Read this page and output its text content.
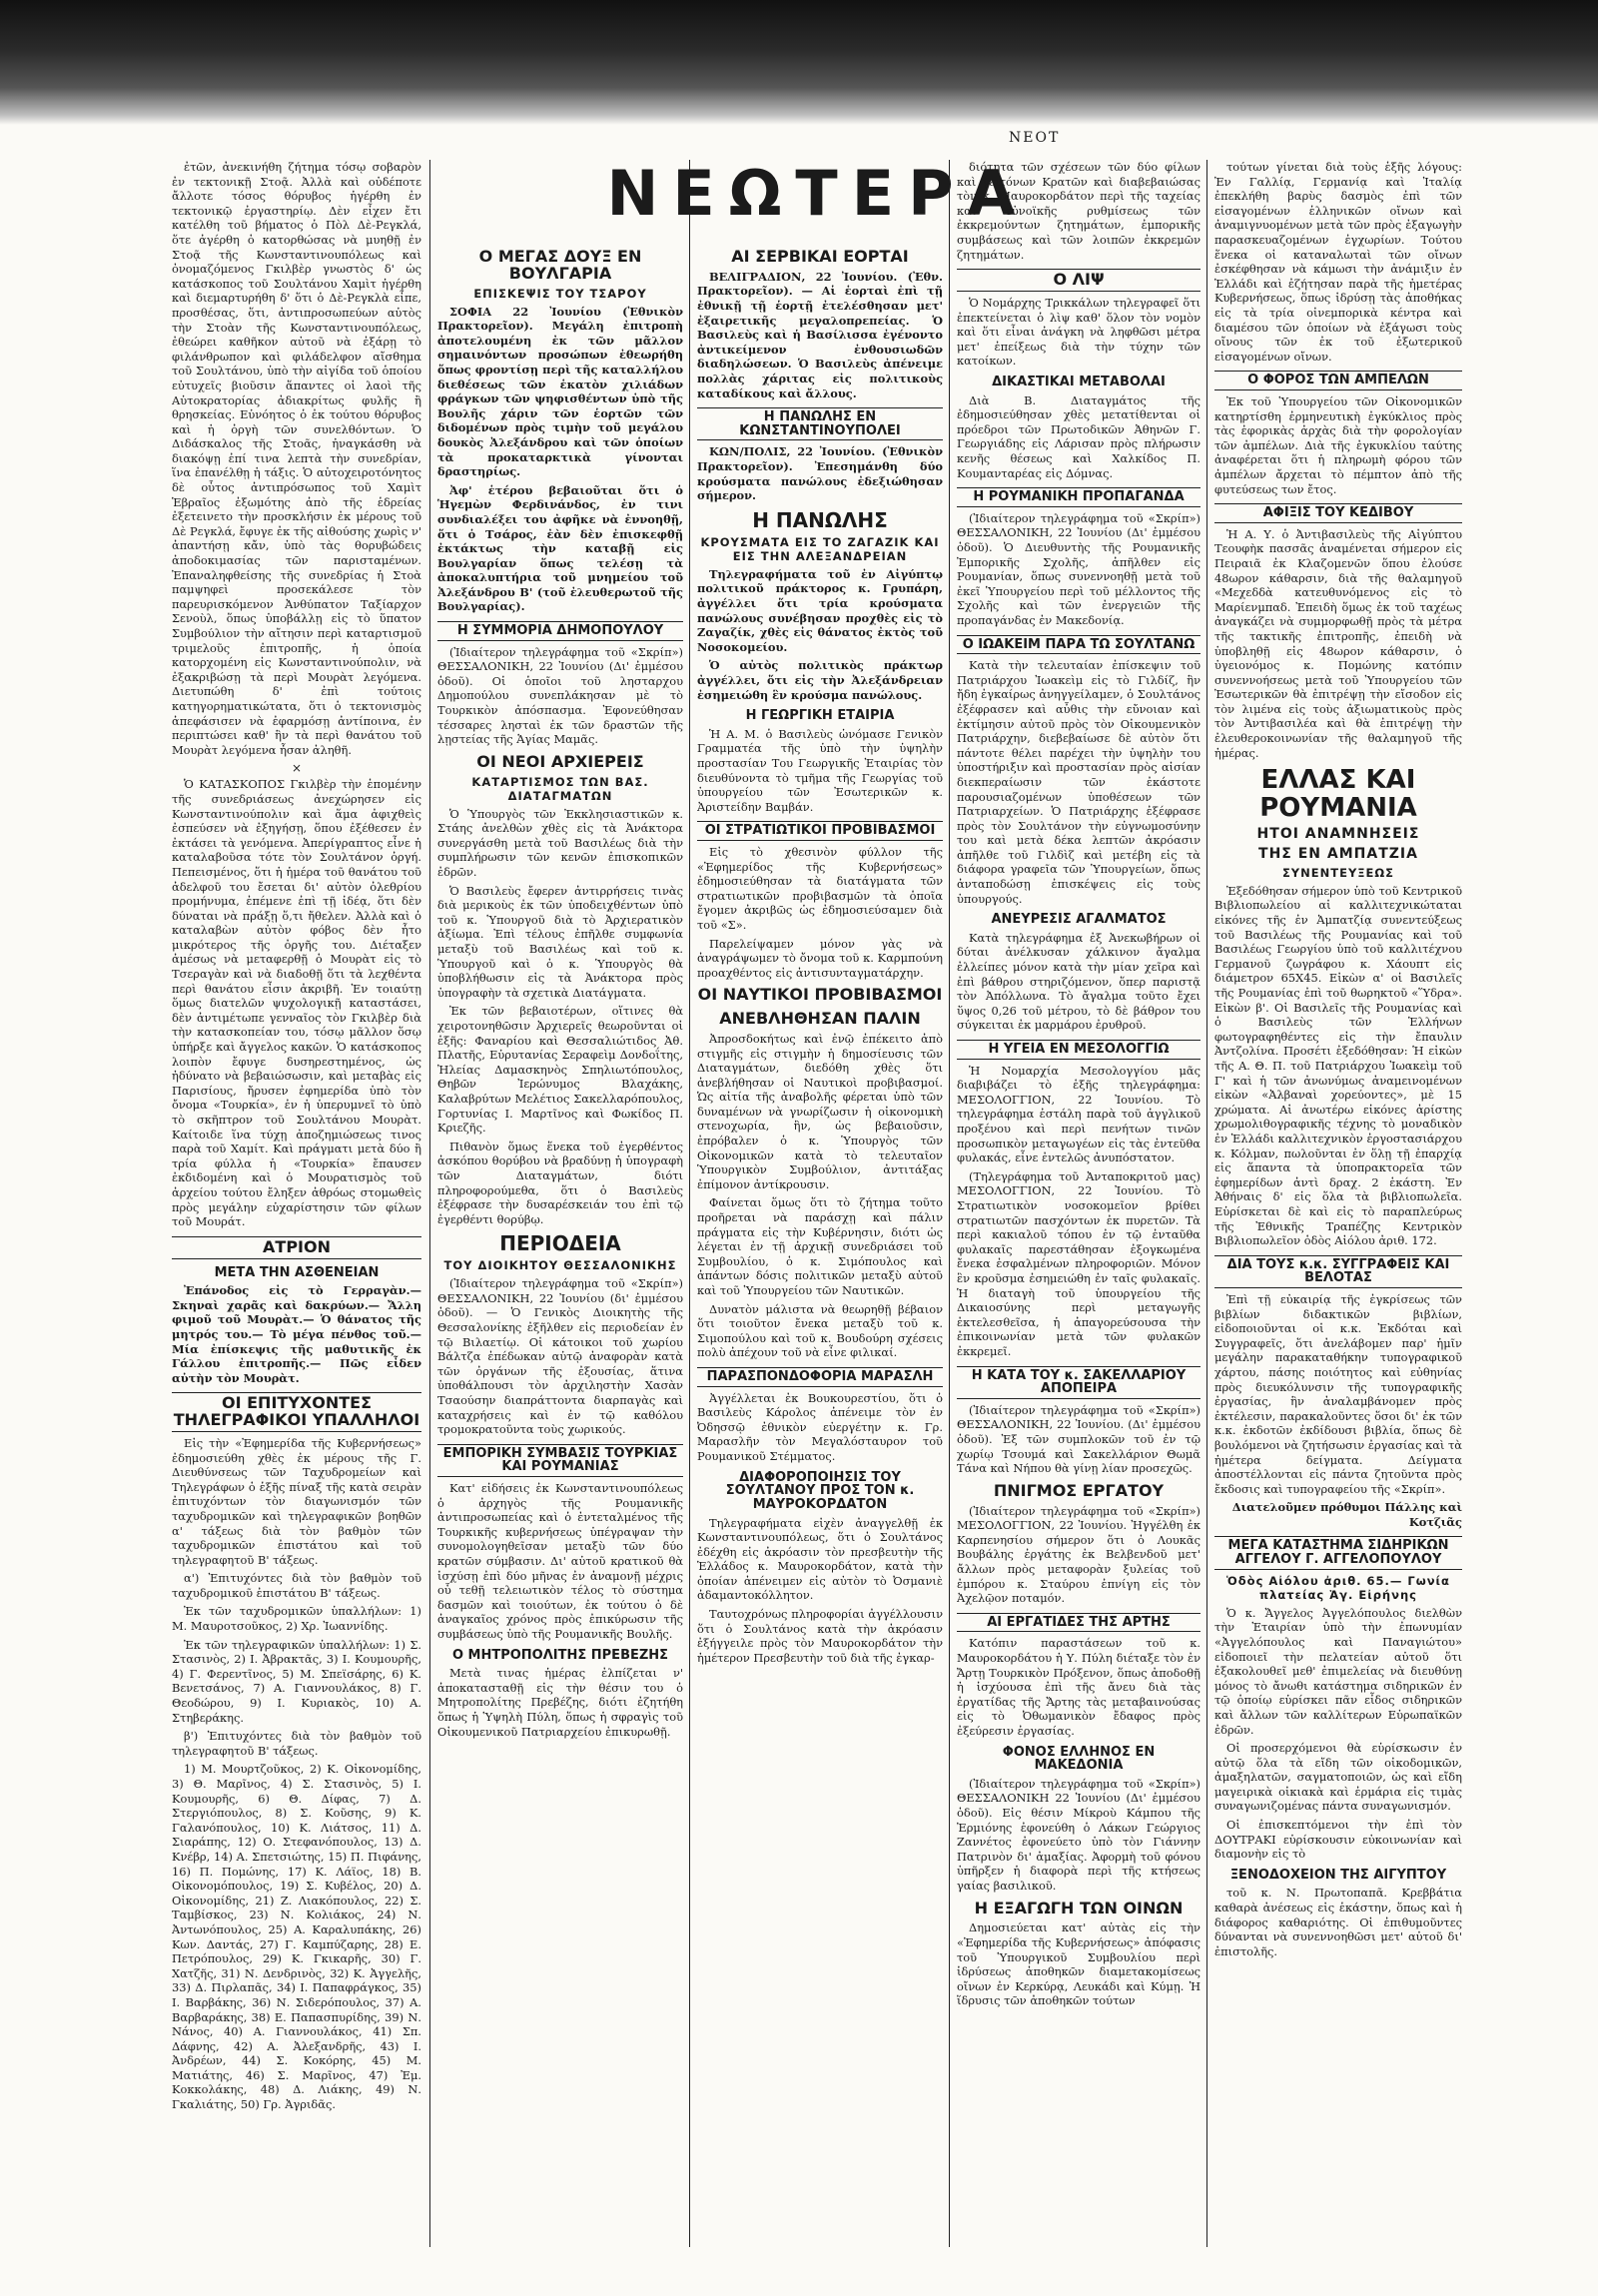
ΝΕΟΤ
ΝΕΩΤΕΡΑ

ἐτῶν, ἀνεκινήθη ζήτημα τόσῳ σοβαρὸν ἐν τεκτονικῇ Στοᾷ. Ἀλλὰ καὶ οὐδέποτε ἄλλοτε τόσος θόρυβος ἠγέρθη ἐν τεκτονικῷ ἐργαστηρίῳ. Δὲν εἶχεν ἔτι κατέλθη τοῦ βήματος ὁ Πὸλ Δὲ-Ρεγκλά, ὅτε ἀγέρθη ὁ κατορθώσας νὰ μυηθῇ ἐν Στοᾷ τῆς Κωνσταντινουπόλεως καὶ ὀνομαζόμενος Γκιλβὲρ γνωστὸς δ' ὡς κατάσκοπος τοῦ Σουλτάνου Χαμὶτ ἠγέρθη καὶ διεμαρτυρήθη δ' ὅτι ὁ Δὲ-Ρεγκλὰ εἶπε, προσθέσας, ὅτι, ἀντιπροσωπεύων αὐτὸς τὴν Στοὰν τῆς Κωνσταντινουπόλεως, ἐθεώρει καθῆκον αὐτοῦ νὰ ἐξάρῃ τὸ φιλάνθρωπον καὶ φιλάδελφον αἴσθημα τοῦ Σουλτάνου, ὑπὸ τὴν αἰγίδα τοῦ ὁποίου εὐτυχεῖς βιοῦσιν ἅπαντες οἱ λαοὶ τῆς Αὐτοκρατορίας ἀδιακρίτως φυλῆς ἢ θρησκείας. Εὐνόητος ὁ ἐκ τούτου θόρυβος καὶ ἡ ὀργὴ τῶν συνελθόντων. Ὁ Διδάσκαλος τῆς Στοᾶς, ἠναγκάσθη νὰ διακόψῃ ἐπί τινα λεπτὰ τὴν συνεδρίαν, ἵνα ἐπανέλθῃ ἡ τάξις. Ὁ αὐτοχειροτόνητος δὲ οὗτος ἀντιπρόσωπος τοῦ Χαμὶτ Ἑβραῖος ἐξωμότης ἀπὸ τῆς ἑδρείας ἐξετεινετο τὴν προσκλήσιν ἐκ μέρους τοῦ Δὲ Ρεγκλά, ἔφυγε ἐκ τῆς αἰθούσης χωρὶς ν' ἀπαντήσῃ κἄν, ὑπὸ τὰς θορυβώδεις ἀποδοκιμασίας τῶν παρισταμένων. Ἐπαναληφθείσης τῆς συνεδρίας ἡ Στοὰ παμψηφεὶ προσεκάλεσε τὸν παρευρισκόμενον Ἀνθύπατον Ταξίαρχον Σενοὺλ, ὅπως ὑποβάλλῃ εἰς τὸ ὕπατον Συμβούλιον τὴν αἴτησιν περὶ καταρτισμοῦ τριμελοῦς ἐπιτροπῆς, ἡ ὁποία κατορχομένη εἰς Κωνσταντινούπολιν, νὰ ἐξακριβώσῃ τὰ περὶ Μουρὰτ λεγόμενα. Διετυπώθη δ' ἐπὶ τούτοις κατηγορηματικώτατα, ὅτι ὁ τεκτονισμὸς ἀπεφάσισεν νὰ ἐφαρμόσῃ ἀντίποινα, ἐν περιπτώσει καθ' ἣν τὰ περὶ θανάτου τοῦ Μουρὰτ λεγόμενα ἦσαν ἀληθῆ.

×

Ὁ ΚΑΤΑΣΚΟΠΟΣ Γκιλβὲρ τὴν ἑπομένην τῆς συνεδριάσεως ἀνεχώρησεν εἰς Κωνσταντινούπολιν καὶ ἅμα ἀφιχθεὶς ἐσπεύσεν νὰ ἐξηγήσῃ, ὅπου ἐξέθεσεν ἐν ἐκτάσει τὰ γενόμενα. Ἀπερίγραπτος εἶνε ἡ καταλαβοῦσα τότε τὸν Σουλτάνον ὀργή. Πεπεισμένος, ὅτι ἡ ἡμέρα τοῦ θανάτου τοῦ ἀδελφοῦ του ἔσεται δι' αὐτὸν ὀλεθρίου προμήνυμα, ἐπέμενε ἐπὶ τῇ ἰδέᾳ, ὅτι δὲν δύναται νὰ πράξῃ ὅ,τι ἤθελεν. Ἀλλὰ καὶ ὁ καταλαβὼν αὐτὸν φόβος δὲν ἦτο μικρότερος τῆς ὀργῆς του. Διέταξεν ἀμέσως νὰ μεταφερθῇ ὁ Μουρὰτ εἰς τὸ Τσεραγὰν καὶ νὰ διαδοθῇ ὅτι τὰ λεχθέντα περὶ θανάτου εἶσιν ἀκριβῆ. Ἐν τοιαύτῃ ὅμως διατελῶν ψυχολογικῇ καταστάσει, δὲν ἀντιμέτωπε γενναῖος τὸν Γκιλβὲρ διὰ τὴν κατασκοπείαν του, τόσῳ μᾶλλον ὅσῳ ὑπήρξε καὶ ἄγγελος κακῶν. Ὁ κατάσκοπος λοιπὸν ἔφυγε δυσηρεστημένος, ὡς ἠδύνατο νὰ βεβαιώσωσιν, καὶ μεταβὰς εἰς Παρισίους, ἤρυσεν ἐφημερίδα ὑπὸ τὸν ὄνομα «Τουρκία», ἐν ἡ ὑπερυμνεῖ τὸ ὑπὸ τὸ σκῆπτρον τοῦ Σουλτάνου Μουρὰτ. Καίτοιδε ἵνα τύχῃ ἀποζημιώσεως τινος παρὰ τοῦ Χαμίτ. Καὶ πράγματι μετὰ δύο ἢ τρία φύλλα ἡ «Τουρκία» ἔπαυσεν ἐκδιδομένη καὶ ὁ Μουρατισμὸς τοῦ ἀρχείου τούτου ἔληξεν ἀθρόως στομωθεὶς πρὸς μεγάλην εὐχαρίστησιν τῶν φίλων τοῦ Μουράτ.

ΑΤΡΙΟΝ
ΜΕΤΑ ΤΗΝ ΑΣΘΕΝΕΙΑΝ

Ἐπάνοδος εἰς τὸ Γερραγὰν.— Σκηναὶ χαρᾶς καὶ δακρύων.— Ἄλλη φιμοῦ τοῦ Μουρὰτ.— Ὁ θάνατος τῆς μητρός του.— Τὸ μέγα πένθος τοῦ.— Μία ἐπίσκεψις τῆς μαθυτικῆς ἐκ Γάλλου ἐπιτροπῆς.— Πῶς εἶδεν αὐτὴν τὸν Μουρὰτ.

ΟΙ ΕΠΙΤΥΧΟΝΤΕΣ ΤΗΛΕΓΡΑΦΙΚΟΙ ΥΠΑΛΛΗΛΟΙ

Εἰς τὴν «Ἐφημερίδα τῆς Κυβερνήσεως» ἐδημοσιεύθη χθὲς ἐκ μέρους τῆς Γ. Διευθύνσεως τῶν Ταχυδρομείων καὶ Τηλεγράφων ὁ ἑξῆς πίναξ τῆς κατὰ σειρὰν ἐπιτυχόντων τὸν διαγωνισμόν τῶν ταχυδρομικῶν καὶ τηλεγραφικῶν βοηθῶν α' τάξεως διὰ τὸν βαθμὸν τῶν ταχυδρομικῶν ἐπιστάτου καὶ τοῦ τηλεγραφητοῦ Β' τάξεως.

α') Ἐπιτυχόντες διὰ τὸν βαθμὸν τοῦ ταχυδρομικοῦ ἐπιστάτου Β' τάξεως.

Ἐκ τῶν ταχυδρομικῶν ὑπαλλήλων: 1) Μ. Μαυροτσοῦκος, 2) Χρ. Ἰωαννίδης.

Ἐκ τῶν τηλεγραφικῶν ὑπαλλήλων: 1) Σ. Στασινὸς, 2) Ι. Ἀβρακτᾶς, 3) Ι. Κουμουρῆς, 4) Γ. Φερεντῖνος, 5) Μ. Σπεϊσάρης, 6) Κ. Βενετσάνος, 7) Α. Γιαννουλάκος, 8) Γ. Θεοδώρου, 9) Ι. Κυριακὸς, 10) Α. Στηβεράκης.

β') Ἐπιτυχόντες διὰ τὸν βαθμὸν τοῦ τηλεγραφητοῦ Β' τάξεως.

1) Μ. Μουρτζοῦκος, 2) Κ. Οἰκονομίδης, 3) Θ. Μαρῖνος, 4) Σ. Στασινὸς, 5) Ι. Κουμουρῆς, 6) Θ. Δίφας, 7) Δ. Στεργιόπουλος, 8) Σ. Κοῦσης, 9) Κ. Γαλανόπουλος, 10) Κ. Λιάτσος, 11) Δ. Σιαράπης, 12) Ο. Στεφανόπουλος, 13) Δ. Κνέβρ, 14) Α. Σπετσιώτης, 15) Π. Πιφάνης, 16) Π. Πομώνης, 17) Κ. Λάϊος, 18) Β. Οἰκονομόπουλος, 19) Σ. Κυβέλος, 20) Δ. Οἰκονομίδης, 21) Ζ. Λιακόπουλος, 22) Σ. Ταμβίσκος, 23) Ν. Κολιάκος, 24) Ν. Ἀντωνόπουλος, 25) Α. Καραλυπάκης, 26) Κων. Δαντάς, 27) Γ. Καμπύζαρης, 28) Ε. Πετρόπουλος, 29) Κ. Γκικαρῆς, 30) Γ. Χατζῆς, 31) Ν. Δενδρινὸς, 32) Κ. Ἀγγελῆς, 33) Δ. Πιρλαπᾶς, 34) Ι. Παπαφράγκος, 35) Ι. Βαρβάκης, 36) Ν. Σιδερόπουλος, 37) Α. Βαρβαράκης, 38) Ε. Παπασπυρίδης, 39) Ν. Νάνος, 40) Α. Γιαννουλάκος, 41) Σπ. Δάφνης, 42) Α. Ἀλεξανδρῆς, 43) Ι. Ἀνδρέων, 44) Σ. Κοκόρης, 45) Μ. Ματιάτης, 46) Σ. Μαρῖνος, 47) Ἐμ. Κοκκολάκης, 48) Δ. Λιάκης, 49) Ν. Γκαλιάτης, 50) Γρ. Ἀγριδᾶς.

Ο ΜΕΓΑΣ ΔΟΥΞ ΕΝ ΒΟΥΛΓΑΡΙΑ
ΕΠΙΣΚΕΨΙΣ ΤΟΥ ΤΣΑΡΟΥ

ΣΟΦΙΑ 22 Ἰουνίου (Ἐθνικὸν Πρακτορεῖον). Μεγάλη ἐπιτροπὴ ἀποτελουμένη ἐκ τῶν μᾶλλον σημαινόντων προσώπων ἐθεωρήθη ὅπως φροντίσῃ περὶ τῆς καταλλήλου διεθέσεως τῶν ἑκατὸν χιλιάδων φράγκων τῶν ψηφισθέντων ὑπὸ τῆς Βουλῆς χάριν τῶν ἑορτῶν τῶν διδομένων πρὸς τιμὴν τοῦ μεγάλου δουκὸς Ἀλεξάνδρου καὶ τῶν ὁποίων τὰ προκαταρκτικὰ γίνονται δραστηρίως.

Ἀφ' ἑτέρου βεβαιοῦται ὅτι ὁ Ἡγεμὼν Φερδινάνδος, ἐν τινι συνδιαλέξει του ἀφῆκε νὰ ἐννοηθῇ, ὅτι ὁ Τσάρος, ἐὰν δὲν ἐπισκεφθῇ ἐκτάκτως τὴν καταβῇ εἰς Βουλγαρίαν ὅπως τελέσῃ τὰ ἀποκαλυπτήρια τοῦ μνημείου τοῦ Ἀλεξάνδρου Β' (τοῦ ἐλευθερωτοῦ τῆς Βουλγαρίας).

Η ΣΥΜΜΟΡΙΑ ΔΗΜΟΠΟΥΛΟΥ

(Ἰδιαίτερον τηλεγράφημα τοῦ «Σκρίπ») ΘΕΣΣΑΛΟΝΙΚΗ, 22 Ἰουνίου (Δι' ἐμμέσου ὁδοῦ). Οἱ ὁποῖοι τοῦ λησταρχου Δημοπούλου συνεπλάκησαν μὲ τὸ Τουρκικὸν ἀπόσπασμα. Ἐφονεύθησαν τέσσαρες λησταὶ ἐκ τῶν δραστῶν τῆς λῃστείας τῆς Ἁγίας Μαμᾶς.

ΟΙ ΝΕΟΙ ΑΡΧΙΕΡΕΙΣ
ΚΑΤΑΡΤΙΣΜΟΣ ΤΩΝ ΒΑΣ. ΔΙΑΤΑΓΜΑΤΩΝ

Ὁ Ὑπουργὸς τῶν Ἐκκλησιαστικῶν κ. Στάης ἀνελθὼν χθὲς εἰς τὰ Ἀνάκτορα συνεργάσθη μετὰ τοῦ Βασιλέως διὰ τὴν συμπλήρωσιν τῶν κενῶν ἐπισκοπικῶν ἐδρῶν.

Ὁ Βασιλεὺς ἔφερεν ἀντιρρήσεις τινὰς διὰ μερικοὺς ἐκ τῶν ὑποδειχθέντων ὑπὸ τοῦ κ. Ὑπουργοῦ διὰ τὸ Ἀρχιερατικὸν ἀξίωμα. Ἐπὶ τέλους ἐπῆλθε συμφωνία μεταξὺ τοῦ Βασιλέως καὶ τοῦ κ. Ὑπουργοῦ καὶ ὁ κ. Ὑπουργὸς θὰ ὑποβλήθωσιν εἰς τὰ Ἀνάκτορα πρὸς ὑπογραφὴν τὰ σχετικὰ Διατάγματα.

Ἐκ τῶν βεβαιοτέρων, οἵτινες θὰ χειροτονηθῶσιν Ἀρχιερεῖς θεωροῦνται οἱ ἑξῆς: Φαναρίου καὶ Θεσσαλιώτιδος Ἀθ. Πλατῆς, Εὐρυτανίας Σεραφεὶμ Δονδοΐτης, Ἠλείας Δαμασκηνὸς Σπηλιωτόπουλος, Θηβῶν Ἰερώνυμος Βλαχάκης, Καλαβρύτων Μελέτιος Σακελλαρόπουλος, Γορτυνίας Ι. Μαρτῖνος καὶ Φωκίδος Π. Κριεζῆς.

Πιθανὸν ὅμως ἕνεκα τοῦ ἐγερθέντος ἀσκόπου θορύβου νὰ βραδύνῃ ἡ ὑπογραφὴ τῶν Διαταγμάτων, διότι πληροφορούμεθα, ὅτι ὁ Βασιλεὺς ἐξέφρασε τὴν δυσαρέσκειάν του ἐπὶ τῷ ἐγερθέντι θορύβῳ.

ΠΕΡΙΟΔΕΙΑ
ΤΟΥ ΔΙΟΙΚΗΤΟΥ ΘΕΣΣΑΛΟΝΙΚΗΣ

(Ἰδιαίτερον τηλεγράφημα τοῦ «Σκρίπ») ΘΕΣΣΑΛΟΝΙΚΗ, 22 Ἰουνίου (δι' ἐμμέσου ὁδοῦ). — Ὁ Γενικὸς Διοικητὴς τῆς Θεσσαλονίκης ἐξῆλθεν εἰς περιοδείαν ἐν τῷ Βιλαετίῳ. Οἱ κάτοικοι τοῦ χωρίου Βάλτζα ἐπέδωκαν αὐτῷ ἀναφορὰν κατὰ τῶν ὀργάνων τῆς ἐξουσίας, ἅτινα ὑποθάλπουσι τὸν ἀρχιληστὴν Χασὰν Τσαούσην διαπράττοντα διαρπαγὰς καὶ καταχρήσεις καὶ ἐν τῷ καθόλου τρομοκρατοῦντα τοὺς χωρικούς.

ΕΜΠΟΡΙΚΗ ΣΥΜΒΑΣΙΣ ΤΟΥΡΚΙΑΣ ΚΑΙ ΡΟΥΜΑΝΙΑΣ

Κατ' εἰδήσεις ἐκ Κωνσταντινουπόλεως ὁ ἀρχηγὸς τῆς Ρουμανικῆς ἀντιπροσωπείας καὶ ὁ ἐντεταλμένος τῆς Τουρκικῆς κυβερνήσεως ὑπέγραψαν τὴν συνομολογηθεῖσαν μεταξὺ τῶν δύο κρατῶν σύμβασιν. Δι' αὐτοῦ κρατικοῦ θὰ ἰσχύσῃ ἐπὶ δύο μῆνας ἐν ἀναμονῇ μέχρις οὗ τεθῇ τελειωτικὸν τέλος τὸ σύστημα δασμῶν καὶ τοιούτων, ἐκ τούτου ὁ δὲ ἀναγκαῖος χρόνος πρὸς ἐπικύρωσιν τῆς συμβάσεως ὑπὸ τῆς Ρουμανικῆς Βουλῆς.

Ο ΜΗΤΡΟΠΟΛΙΤΗΣ ΠΡΕΒΕΖΗΣ

Μετὰ τινας ἡμέρας ἐλπίζεται ν' ἀποκατασταθῇ εἰς τὴν θέσιν του ὁ Μητροπολίτης Πρεβέζης, διότι ἐζητήθη ὅπως ἡ Ὑψηλὴ Πύλη, ὅπως ἡ σφραγὶς τοῦ Οἰκουμενικοῦ Πατριαρχείου ἐπικυρωθῇ.

ΑΙ ΣΕΡΒΙΚΑΙ ΕΟΡΤΑΙ

ΒΕΛΙΓΡΑΔΙΟΝ, 22 Ἰουνίου. (Ἐθν. Πρακτορεῖον). — Αἱ ἑορταὶ ἐπὶ τῇ ἐθνικῇ τῇ ἑορτῇ ἐτελέσθησαν μετ' ἐξαιρετικῆς μεγαλοπρεπείας. Ὁ Βασιλεὺς καὶ ἡ Βασίλισσα ἐγένοντο ἀντικείμενον ἐνθουσιωδῶν διαδηλώσεων. Ὁ Βασιλεὺς ἀπένειμε πολλὰς χάριτας εἰς πολιτικοὺς καταδίκους καὶ ἄλλους.

Η ΠΑΝΩΛΗΣ ΕΝ ΚΩΝΣΤΑΝΤΙΝΟΥΠΟΛΕΙ

ΚΩΝ/ΠΟΛΙΣ, 22 Ἰουνίου. (Ἐθνικὸν Πρακτορεῖον). Ἐπεσημάνθη δύο κρούσματα πανώλους ἐδεξιώθησαν σήμερον.

Η ΠΑΝΩΛΗΣ
ΚΡΟΥΣΜΑΤΑ ΕΙΣ ΤΟ ΖΑΓΑΖΙΚ ΚΑΙ ΕΙΣ ΤΗΝ ΑΛΕΞΑΝΔΡΕΙΑΝ

Τηλεγραφήματα τοῦ ἐν Αἰγύπτῳ πολιτικοῦ πράκτορος κ. Γρυπάρη, ἀγγέλλει ὅτι τρία κρούσματα πανώλους συνέβησαν προχθὲς εἰς τὸ Ζαγαζίκ, χθὲς εἰς θάνατος ἐκτὸς τοῦ Νοσοκομείου.

Ὁ αὐτὸς πολιτικὸς πράκτωρ ἀγγέλλει, ὅτι εἰς τὴν Ἀλεξάνδρειαν ἐσημειώθη ἓν κρούσμα πανώλους.

Η ΓΕΩΡΓΙΚΗ ΕΤΑΙΡΙΑ

Ἡ Α. Μ. ὁ Βασιλεὺς ὡνόμασε Γενικὸν Γραμματέα τῆς ὑπὸ τὴν ὑψηλὴν προστασίαν Του Γεωργικῆς Ἑταιρίας τὸν διευθύνοντα τὸ τμῆμα τῆς Γεωργίας τοῦ ὑπουργείου τῶν Ἐσωτερικῶν κ. Ἀριστείδην Βαμβάν.

ΟΙ ΣΤΡΑΤΙΩΤΙΚΟΙ ΠΡΟΒΙΒΑΣΜΟΙ

Εἰς τὸ χθεσινὸν φύλλον τῆς «Ἐφημερίδος τῆς Κυβερνήσεως» ἐδημοσιεύθησαν τὰ διατάγματα τῶν στρατιωτικῶν προβιβασμῶν τὰ ὁποῖα ἔγομεν ἀκριβῶς ὡς ἐδημοσιεύσαμεν διὰ τοῦ «Σ».

Παρελείψαμεν μόνον γὰς νὰ ἀναγράψωμεν τὸ ὄνομα τοῦ κ. Καρμπούνη προαχθέντος εἰς ἀντισυνταγματάρχην.

ΟΙ ΝΑΥΤΙΚΟΙ ΠΡΟΒΙΒΑΣΜΟΙ
ΑΝΕΒΛΗΘΗΣΑΝ ΠΑΛΙΝ

Ἀπροσδοκήτως καὶ ἐνῷ ἐπέκειτο ἀπὸ στιγμῆς εἰς στιγμὴν ἡ δημοσίευσις τῶν Διαταγμάτων, διεδόθη χθὲς ὅτι ἀνεβλήθησαν οἱ Ναυτικοὶ προβιβασμοί. Ὡς αἰτία τῆς ἀναβολῆς φέρεται ὑπὸ τῶν δυναμένων νὰ γνωρίζωσιν ἡ οἰκονομικὴ στενοχωρία, ἣν, ὡς βεβαιοῦσιν, ἐπρόβαλεν ὁ κ. Ὑπουργὸς τῶν Οἰκονομικῶν κατὰ τὸ τελευταῖον Ὑπουργικὸν Συμβούλιον, ἀντιτάξας ἐπίμονον ἀντίκρουσιν.

Φαίνεται ὅμως ὅτι τὸ ζήτημα τοῦτο προῆρεται νὰ παράσχῃ καὶ πάλιν πράγματα εἰς τὴν Κυβέρνησιν, διότι ὡς λέγεται ἐν τῇ ἀρχικῇ συνεδριάσει τοῦ Συμβουλίου, ὁ κ. Σιμόπουλος καὶ ἀπάντων δόσις πολιτικῶν μεταξὺ αὐτοῦ καὶ τοῦ Ὑπουργείου τῶν Ναυτικῶν.

Δυνατὸν μάλιστα νὰ θεωρηθῇ βέβαιον ὅτι τοιοῦτον ἔνεκα μεταξὺ τοῦ κ. Σιμοπούλου καὶ τοῦ κ. Βουδούρη σχέσεις πολὺ ἀπέχουν τοῦ νὰ εἶνε φιλικαί.

ΠΑΡΑΣΠΟΝΔΟΦΟΡΙΑ ΜΑΡΑΣΛΗ

Ἀγγέλλεται ἐκ Βουκουρεστίου, ὅτι ὁ Βασιλεὺς Κάρολος ἀπένειμε τὸν ἐν Ὀδησσῷ ἐθνικὸν εὐεργέτην κ. Γρ. Μαρασλῆν τὸν Μεγαλόσταυρον τοῦ Ρουμανικοῦ Στέμματος.

ΔΙΑΦΟΡΟΠΟΙΗΣΙΣ ΤΟΥ ΣΟΥΛΤΑΝΟΥ ΠΡΟΣ ΤΟΝ κ. ΜΑΥΡΟΚΟΡΔΑΤΟΝ

Τηλεγραφήματα εἰχὲν ἀναγγελθῇ ἐκ Κωνσταντινουπόλεως, ὅτι ὁ Σουλτάνος ἐδέχθη εἰς ἀκρόασιν τὸν πρεσβευτὴν τῆς Ἑλλάδος κ. Μαυροκορδάτον, κατὰ τὴν ὁποίαν ἀπένειμεν εἰς αὐτὸν τὸ Ὀσμανιὲ ἀδαμαντοκόλλητον.

Ταυτοχρόνως πληροφορίαι ἀγγέλλουσιν ὅτι ὁ Σουλτάνος κατὰ τὴν ἀκρόασιν ἐξήγγειλε πρὸς τὸν Μαυροκορδάτον τὴν ἡμέτερον Πρεσβευτὴν τοῦ διὰ τῆς ἐγκαρ-

διότητα τῶν σχέσεων τῶν δύο φίλων καὶ γειτόνων Κρατῶν καὶ διαβεβαιώσας τὸν κ. Μαυροκορδάτον περὶ τῆς ταχείας καὶ εὐνοϊκῆς ρυθμίσεως τῶν ἐκκρεμούντων ζητημάτων, ἐμπορικῆς συμβάσεως καὶ τῶν λοιπῶν ἐκκρεμῶν ζητημάτων.

Ο ΛΙΨ

Ὁ Νομάρχης Τρικκάλων τηλεγραφεῖ ὅτι ἐπεκτείνεται ὁ λὶψ καθ' ὅλον τὸν νομὸν καὶ ὅτι εἶναι ἀνάγκη νὰ ληφθῶσι μέτρα μετ' ἐπείξεως διὰ τὴν τύχην τῶν κατοίκων.

ΔΙΚΑΣΤΙΚΑΙ ΜΕΤΑΒΟΛΑΙ

Διὰ Β. Διαταγμάτος τῆς ἐδημοσιεύθησαν χθὲς μετατίθενται οἱ πρόεδροι τῶν Πρωτοδικῶν Ἀθηνῶν Γ. Γεωργιάδης εἰς Λάρισαν πρὸς πλήρωσιν κενῆς θέσεως καὶ Χαλκίδος Π. Κουμανταρέας εἰς Δόμνας.

Η ΡΟΥΜΑΝΙΚΗ ΠΡΟΠΑΓΑΝΔΑ

(Ἰδιαίτερον τηλεγράφημα τοῦ «Σκρίπ») ΘΕΣΣΑΛΟΝΙΚΗ, 22 Ἰουνίου (Δι' ἐμμέσου ὁδοῦ). Ὁ Διευθυντὴς τῆς Ρουμανικῆς Ἐμπορικῆς Σχολῆς, ἀπῆλθεν εἰς Ρουμανίαν, ὅπως συνεννοηθῇ μετὰ τοῦ ἐκεῖ Ὑπουργείου περὶ τοῦ μέλλοντος τῆς Σχολῆς καὶ τῶν ἐνεργειῶν τῆς προπαγάνδας ἐν Μακεδονίᾳ.

Ο ΙΩΑΚΕΙΜ ΠΑΡΑ ΤΩ ΣΟΥΛΤΑΝΩ

Κατὰ τὴν τελευταίαν ἐπίσκεψιν τοῦ Πατριάρχου Ἰωακεὶμ εἰς τὸ Γιλδίζ, ἣν ἤδη ἐγκαίρως ἀνηγγείλαμεν, ὁ Σουλτάνος ἐξέφρασεν καὶ αὖθις τὴν εὔνοιαν καὶ ἐκτίμησιν αὐτοῦ πρὸς τὸν Οἰκουμενικὸν Πατριάρχην, διεβεβαίωσε δὲ αὐτὸν ὅτι πάντοτε θέλει παρέχει τὴν ὑψηλὴν του ὑποστήριξιν καὶ προστασίαν πρὸς αἰσίαν διεκπεραίωσιν τῶν ἐκάστοτε παρουσιαζομένων ὑποθέσεων τῶν Πατριαρχείων. Ὁ Πατριάρχης ἐξέφρασε πρὸς τὸν Σουλτάνον τὴν εὐγνωμοσύνην του καὶ μετὰ δέκα λεπτῶν ἀκρόασιν ἀπῆλθε τοῦ Γιλδὶζ καὶ μετέβη εἰς τὰ διάφορα γραφεῖα τῶν Ὑπουργείων, ὅπως ἀνταποδώσῃ ἐπισκέψεις εἰς τοὺς ὑπουργούς.

ΑΝΕΥΡΕΣΙΣ ΑΓΑΛΜΑΤΟΣ

Κατὰ τηλεγράφημα ἐξ Ἀνεκωβήρων οἱ δύται ἀνέλκυσαν χάλκινον ἄγαλμα ἐλλείπες μόνον κατὰ τὴν μίαν χεῖρα καὶ ἐπὶ βάθρου στηριζόμενον, ὅπερ παριστᾷ τὸν Ἀπόλλωνα. Τὸ ἄγαλμα τοῦτο ἔχει ὕψος 0,26 τοῦ μέτρου, τὸ δὲ βάθρον του σύγκειται ἐκ μαρμάρου ἐρυθροῦ.

Η ΥΓΕΙΑ ΕΝ ΜΕΣΟΛΟΓΓΙΩ

Ἡ Νομαρχία Μεσολογγίου μᾶς διαβιβάζει τὸ ἑξῆς τηλεγράφημα: ΜΕΣΟΛΟΓΓΙΟΝ, 22 Ἰουνίου. Τὸ τηλεγράφημα ἐστάλη παρὰ τοῦ ἀγγλικοῦ προξένου καὶ περὶ πενήτων τινῶν προσωπικὸν μεταγωγέων εἰς τὰς ἐντεῦθα φυλακάς, εἶνε ἐντελῶς ἀνυπόστατον.

(Τηλεγράφημα τοῦ Ἀνταποκριτοῦ μας) ΜΕΣΟΛΟΓΓΙΟΝ, 22 Ἰουνίου. Τὸ Στρατιωτικὸν νοσοκομεῖον βρίθει στρατιωτῶν πασχόντων ἐκ πυρετῶν. Τὰ περὶ κακιαλοῦ τόπου ἐν τῷ ἐνταῦθα φυλακαῖς παρεστάθησαν ἐξογκωμένα ἔνεκα ἐσφαλμένων πληροφοριῶν. Μόνον ἓν κροῦσμα ἐσημειώθη ἐν ταῖς φυλακαῖς. Ἡ διαταγὴ τοῦ ὑπουργείου τῆς Δικαιοσύνης περὶ μεταγωγῆς ἐκτελεσθεῖσα, ἡ ἀπαγορεύσουσα τὴν ἐπικοινωνίαν μετὰ τῶν φυλακῶν ἐκκρεμεῖ.

Η ΚΑΤΑ ΤΟΥ κ. ΣΑΚΕΛΛΑΡΙΟΥ ΑΠΟΠΕΙΡΑ

(Ἰδιαίτερον τηλεγράφημα τοῦ «Σκρίπ») ΘΕΣΣΑΛΟΝΙΚΗ, 22 Ἰουνίου. (Δι' ἐμμέσου ὁδοῦ). Ἐξ τῶν συμπλοκῶν τοῦ ἐν τῷ χωρίῳ Τσουμά καὶ Σακελλάριον Θωμᾶ Τάνα καὶ Νήπου θὰ γίνῃ λίαν προσεχῶς.

ΠΝΙΓΜΟΣ ΕΡΓΑΤΟΥ

(Ἰδιαίτερον τηλεγράφημα τοῦ «Σκρίπ») ΜΕΣΟΛΟΓΓΙΟΝ, 22 Ἰουνίου. Ἠγγέλθη ἐκ Καρπενησίου σήμερον ὅτι ὁ Λουκᾶς Βουβάλης ἐργάτης ἐκ Βελβενδοῦ μετ' ἄλλων πρὸς μεταφορὰν ξυλείας τοῦ ἐμπόρου κ. Σταύρου ἐπνίγη εἰς τὸν Ἀχελῷον ποταμόν.

ΑΙ ΕΡΓΑΤΙΔΕΣ ΤΗΣ ΑΡΤΗΣ

Κατόπιν παραστάσεων τοῦ κ. Μαυροκορδάτου ἡ Υ. Πύλη διέταξε τὸν ἐν Ἄρτῃ Τουρκικὸν Πρόξενον, ὅπως ἀποδοθῇ ἡ ἰσχύουσα ἐπὶ τῆς ἄνευ διὰ τὰς ἐργατίδας τῆς Ἄρτης τὰς μεταβαινούσας εἰς τὸ Ὀθωμανικὸν ἔδαφος πρὸς ἐξεύρεσιν ἐργασίας.

ΦΟΝΟΣ ΕΛΛΗΝΟΣ ΕΝ ΜΑΚΕΔΟΝΙΑ

(Ἰδιαίτερον τηλεγράφημα τοῦ «Σκρίπ») ΘΕΣΣΑΛΟΝΙΚΗ 22 Ἰουνίου (Δι' ἐμμέσου ὁδοῦ). Εἰς θέσιν Μίκροὺ Κάμπου τῆς Ἐρμιόνης ἐφονεύθη ὁ Λάκων Γεώργιος Ζαννέτος ἐφονεύετο ὑπὸ τὸν Γιάννην Πατρινὸν δι' ἀμαξίας. Ἀφορμὴ τοῦ φόνου ὑπῆρξεν ἡ διαφορὰ περὶ τῆς κτήσεως γαίας βασιλικοῦ.

Η ΕΞΑΓΩΓΗ ΤΩΝ ΟΙΝΩΝ

Δημοσιεύεται κατ' αὐτὰς εἰς τὴν «Ἐφημερίδα τῆς Κυβερνήσεως» ἀπόφασις τοῦ Ὑπουργικοῦ Συμβουλίου περὶ ἱδρύσεως ἀποθηκῶν διαμετακομίσεως οἴνων ἐν Κερκύρᾳ, Λευκάδι καὶ Κύμῃ. Ἡ ἵδρυσις τῶν ἀποθηκῶν τούτων

τούτων γίνεται διὰ τοὺς ἑξῆς λόγους: Ἐν Γαλλίᾳ, Γερμανίᾳ καὶ Ἰταλίᾳ ἐπεκλήθη βαρὺς δασμὸς ἐπὶ τῶν εἰσαγομένων ἑλληνικῶν οἴνων καὶ ἀναμιγνυομένων μετὰ τῶν πρὸς ἐξαγωγὴν παρασκευαζομένων ἐγχωρίων. Τούτου ἕνεκα οἱ καταναλωταὶ τῶν οἴνων ἐσκέφθησαν νὰ κάμωσι τὴν ἀνάμιξιν ἐν Ἑλλάδι καὶ ἐζήτησαν παρὰ τῆς ἡμετέρας Κυβερνήσεως, ὅπως ἱδρύσῃ τὰς ἀποθήκας εἰς τὰ τρία οἰνεμπορικὰ κέντρα καὶ διαμέσου τῶν ὁποίων νὰ ἐξάγωσι τοὺς οἴνους τῶν ἐκ τοῦ ἐξωτερικοῦ εἰσαγομένων οἴνων.

Ο ΦΟΡΟΣ ΤΩΝ ΑΜΠΕΛΩΝ

Ἐκ τοῦ Ὑπουργείου τῶν Οἰκονομικῶν κατηρτίσθη ἐρμηνευτικὴ ἐγκύκλιος πρὸς τὰς ἐφορικὰς ἀρχὰς διὰ τὴν φορολογίαν τῶν ἀμπέλων. Διὰ τῆς ἐγκυκλίου ταύτης ἀναφέρεται ὅτι ἡ πληρωμὴ φόρου τῶν ἀμπέλων ἄρχεται τὸ πέμπτον ἀπὸ τῆς φυτεύσεως των ἔτος.

ΑΦΙΞΙΣ ΤΟΥ ΚΕΔΙΒΟΥ

Ἡ Α. Υ. ὁ Ἀντιβασιλεὺς τῆς Αἰγύπτου Τεουφὴκ πασσᾶς ἀναμένεται σήμερον εἰς Πειραιᾶ ἐκ Κλαζομενῶν ὅπου ἐλούσε 48ωρον κάθαρσιν, διὰ τῆς θαλαμηγοῦ «Μεχεδδὰ κατευθυνόμενος εἰς τὸ Μαρίενμπαδ. Ἐπειδὴ ὅμως ἐκ τοῦ ταχέως ἀναγκάζει νὰ συμμορφωθῇ πρὸς τὰ μέτρα τῆς τακτικῆς ἐπιτροπῆς, ἐπειδὴ νὰ ὑποβληθῇ εἰς 48ωρον κάθαρσιν, ὁ ὑγειονόμος κ. Πομώνης κατόπιν συνεννοήσεως μετὰ τοῦ Ὑπουργείου τῶν Ἐσωτερικῶν θὰ ἐπιτρέψῃ τὴν εἴσοδον εἰς τὸν λιμένα εἰς τοὺς ἀξιωματικοὺς πρὸς τὸν Ἀντιβασιλέα καὶ θὰ ἐπιτρέψῃ τὴν ἐλευθεροκοινωνίαν τῆς θαλαμηγοῦ τῆς ἡμέρας.

ΕΛΛΑΣ ΚΑΙ ΡΟΥΜΑΝΙΑ
ΗΤΟΙ ΑΝΑΜΝΗΣΕΙΣ
ΤΗΣ ΕΝ ΑΜΠΑΤΖΙΑ
ΣΥΝΕΝΤΕΥΞΕΩΣ

Ἐξεδόθησαν σήμερον ὑπὸ τοῦ Κεντρικοῦ Βιβλιοπωλείου αἱ καλλιτεχνικώταται εἰκόνες τῆς ἐν Ἀμπατζίᾳ συνεντεύξεως τοῦ Βασιλέως τῆς Ρουμανίας καὶ τοῦ Βασιλέως Γεωργίου ὑπὸ τοῦ καλλιτέχνου Γερμανοῦ ζωγράφου κ. Χάουπτ εἰς διάμετρον 65Χ45. Εἰκὼν α' οἱ Βασιλεῖς τῆς Ρουμανίας ἐπὶ τοῦ θωρηκτοῦ «Ὕδρα». Εἰκὼν β'. Οἱ Βασιλεῖς τῆς Ρουμανίας καὶ ὁ Βασιλεὺς τῶν Ἑλλήνων φωτογραφηθέντες εἰς τὴν ἔπαυλιν Ἀντζολίνα. Προσέτι ἐξεδόθησαν: Ἡ εἰκὼν τῆς Α. Θ. Π. τοῦ Πατριάρχου Ἰωακεὶμ τοῦ Γ' καὶ ἡ τῶν ἀνωνύμως ἀναμεινομένων εἰκὼν «Ἀλβαναὶ χορεύοντες», μὲ 15 χρώματα. Αἱ ἀνωτέρω εἰκόνες ἀρίστης χρωμολιθογραφικῆς τέχνης τὸ μοναδικὸν ἐν Ἑλλάδι καλλιτεχνικὸν ἐργοστασιάρχου κ. Κόλμαν, πωλοῦνται ἐν ὅλῃ τῇ ἐπαρχίᾳ εἰς ἅπαντα τὰ ὑποπρακτορεῖα τῶν ἐφημερίδων ἀντὶ δραχ. 2 ἑκάστη. Ἐν Ἀθήναις δ' εἰς ὅλα τὰ βιβλιοπωλεῖα. Εὑρίσκεται δὲ καὶ εἰς τὸ παραπλεύρως τῆς Ἐθνικῆς Τραπέζης Κεντρικὸν Βιβλιοπωλεῖον ὁδὸς Αἰόλου ἀριθ. 172.

ΔΙΑ ΤΟΥΣ κ.κ. ΣΥΓΓΡΑΦΕΙΣ ΚΑΙ ΒΕΛΟΤΑΣ

Ἐπὶ τῇ εὐκαιρίᾳ τῆς ἐγκρίσεως τῶν βιβλίων διδακτικῶν βιβλίων, εἰδοποιοῦνται οἱ κ.κ. Ἐκδόται καὶ Συγγραφεῖς, ὅτι ἀνελάβομεν παρ' ἡμῖν μεγάλην παρακαταθήκην τυπογραφικοῦ χάρτου, πάσης ποιότητος καὶ εὐθηνίας πρὸς διευκόλυνσιν τῆς τυπογραφικῆς ἐργασίας, ἣν ἀναλαμβάνομεν πρὸς ἐκτέλεσιν, παρακαλοῦντες ὅσοι δι' ἐκ τῶν κ.κ. ἐκδοτῶν ἐκδίδουσι βιβλία, ὅπως δὲ βουλόμενοι νὰ ζητήσωσιν ἐργασίας καὶ τὰ ἡμέτερα δείγματα. Δείγματα ἀποστέλλονται εἰς πάντα ζητοῦντα πρὸς ἔκδοσις καὶ τυπογραφείου τῆς «Σκρίπ».

Διατελοῦμεν πρόθυμοι Πάλλης καὶ Κοτζιᾶς

ΜΕΓΑ ΚΑΤΑΣΤΗΜΑ ΣΙΔΗΡΙΚΩΝ ΑΓΓΕΛΟΥ Γ. ΑΓΓΕΛΟΠΟΥΛΟΥ
Ὁδὸς Αἰόλου ἀριθ. 65.— Γωνία πλατείας Ἁγ. Εἰρήνης

Ὁ κ. Ἄγγελος Ἀγγελόπουλος διελθὼν τὴν Ἑταιρίαν ὑπὸ τὴν ἐπωνυμίαν «Ἀγγελόπουλος καὶ Παναγιώτου» εἰδοποιεῖ τὴν πελατείαν αὐτοῦ ὅτι ἐξακολουθεῖ μεθ' ἐπιμελείας νὰ διευθύνῃ μόνος τὸ ἄνωθι κατάστημα σιδηρικῶν ἐν τῷ ὁποίῳ εὑρίσκει πᾶν εἶδος σιδηρικῶν καὶ ἄλλων τῶν καλλίτερων Εὐρωπαϊκῶν ἐδρῶν.

Οἱ προσερχόμενοι θὰ εὑρίσκωσιν ἐν αὐτῷ ὅλα τὰ εἴδη τῶν οἰκοδομικῶν, ἀμαξηλατῶν, σαγματοποιῶν, ὡς καὶ εἴδη μαγειρικὰ οἰκιακὰ καὶ ἐρμάρια εἰς τιμὰς συναγωνιζομένας πάντα συναγωνισμόν.

Οἱ ἐπισκεπτόμενοι τὴν ἐπὶ τὸν ΔΟΥΤΡΑΚΙ εὑρίσκουσιν εὐκοινωνίαν καὶ διαμονὴν εἰς τὸ

ΞΕΝΟΔΟΧΕΙΟΝ ΤΗΣ ΑΙΓΥΠΤΟΥ

τοῦ κ. Ν. Πρωτοπαπᾶ. Κρεββάτια καθαρὰ ἀνέσεως εἰς ἑκάστην, ὅπως καὶ ἡ διάφορος καθαριότης. Οἱ ἐπιθυμοῦντες δύνανται νὰ συνεννοηθῶσι μετ' αὐτοῦ δι' ἐπιστολῆς.
